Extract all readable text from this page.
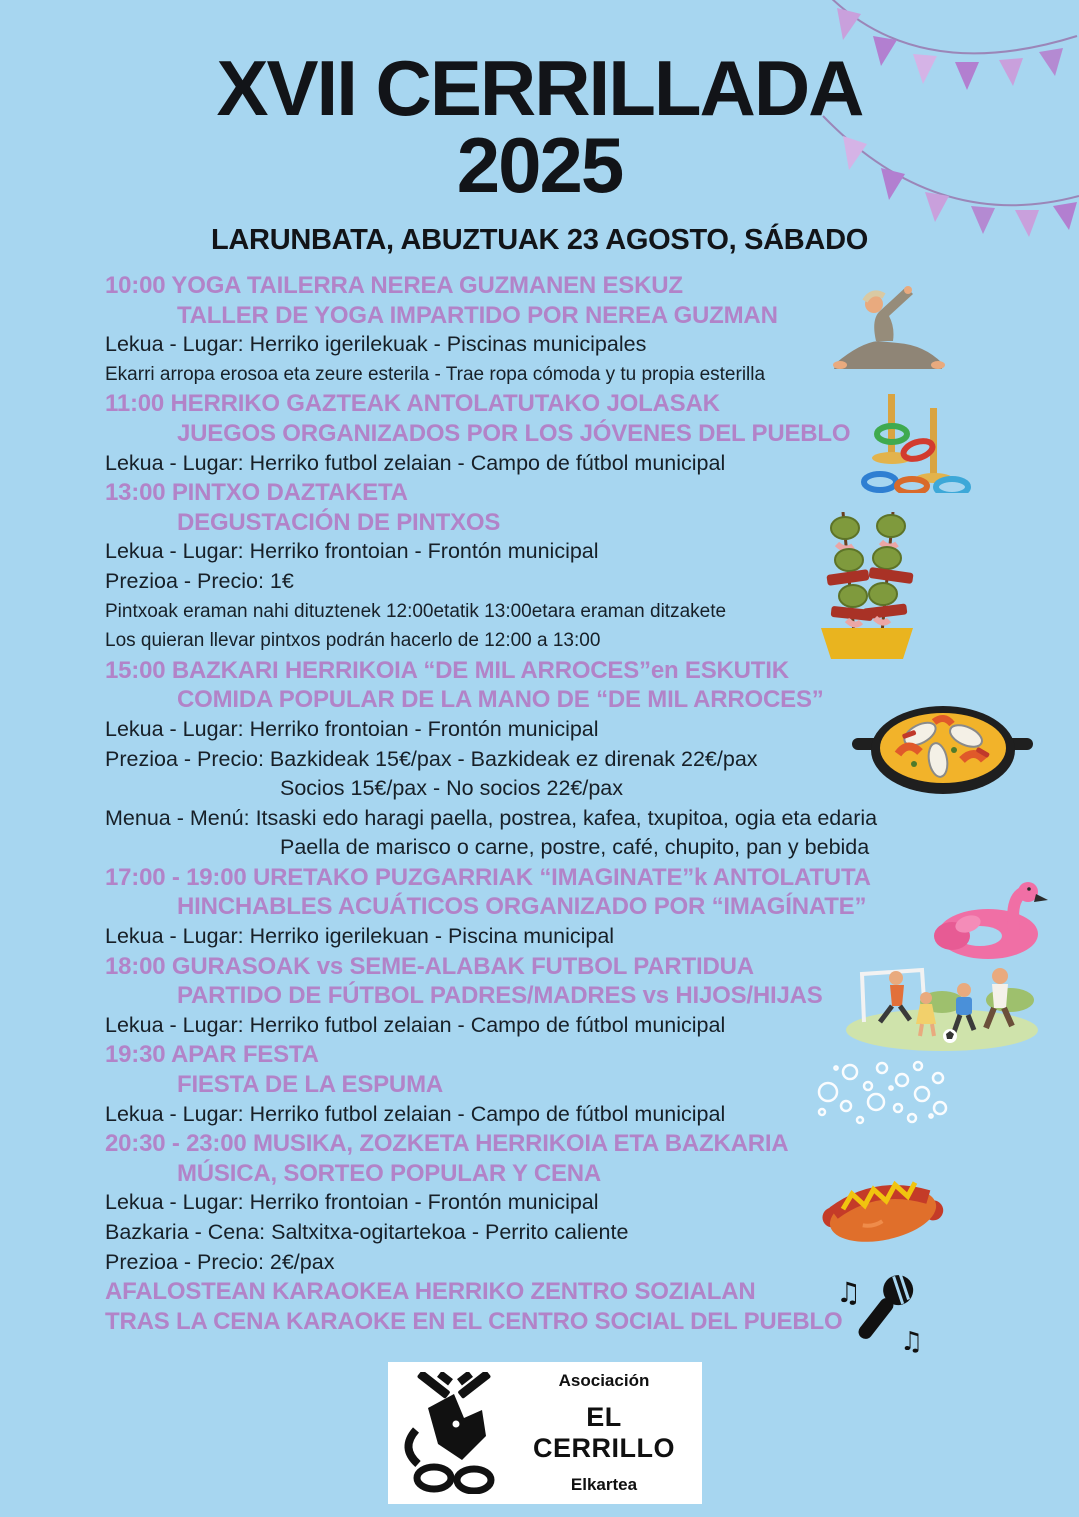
XVII CERRILLADA
2025
LARUNBATA, ABUZTUAK 23 AGOSTO, SÁBADO
10:00 YOGA TAILERRA NEREA GUZMANEN ESKUZ
TALLER DE YOGA IMPARTIDO POR NEREA GUZMAN
Lekua - Lugar: Herriko igerilekuak - Piscinas municipales
Ekarri arropa erosoa eta zeure esterila - Trae ropa cómoda y tu propia esterilla
11:00 HERRIKO GAZTEAK ANTOLATUTAKO JOLASAK
JUEGOS ORGANIZADOS POR LOS JÓVENES DEL PUEBLO
Lekua - Lugar: Herriko futbol zelaian - Campo de fútbol municipal
13:00 PINTXO DAZTAKETA
DEGUSTACIÓN DE PINTXOS
Lekua - Lugar: Herriko frontoian - Frontón municipal
Prezioa - Precio: 1€
Pintxoak eraman nahi dituztenek 12:00etatik 13:00etara eraman ditzakete
Los quieran llevar pintxos podrán hacerlo de 12:00 a 13:00
15:00 BAZKARI HERRIKOIA “DE MIL ARROCES”en ESKUTIK
COMIDA POPULAR DE LA MANO DE “DE MIL ARROCES”
Lekua - Lugar: Herriko frontoian - Frontón municipal
Prezioa - Precio: Bazkideak 15€/pax - Bazkideak ez direnak 22€/pax
Socios 15€/pax - No socios 22€/pax
Menua - Menú: Itsaski edo haragi paella, postrea, kafea, txupitoa, ogia eta edaria
Paella de marisco o carne, postre, café, chupito, pan y bebida
17:00 - 19:00 URETAKO PUZGARRIAK “IMAGINATE”k ANTOLATUTA
HINCHABLES ACUÁTICOS ORGANIZADO POR “IMAGÍNATE”
Lekua - Lugar: Herriko igerilekuan - Piscina municipal
18:00 GURASOAK vs SEME-ALABAK FUTBOL PARTIDUA
PARTIDO DE FÚTBOL PADRES/MADRES vs HIJOS/HIJAS
Lekua - Lugar: Herriko futbol zelaian - Campo de fútbol municipal
19:30 APAR FESTA
FIESTA DE LA ESPUMA
Lekua - Lugar: Herriko futbol zelaian - Campo de fútbol municipal
20:30 - 23:00 MUSIKA, ZOZKETA HERRIKOIA ETA BAZKARIA
MÚSICA, SORTEO POPULAR Y CENA
Lekua - Lugar: Herriko frontoian - Frontón municipal
Bazkaria - Cena: Saltxitxa-ogitartekoa - Perrito caliente
Prezioa - Precio: 2€/pax
AFALOSTEAN KARAOKEA HERRIKO ZENTRO SOZIALAN
TRAS LA CENA KARAOKE EN EL CENTRO SOCIAL DEL PUEBLO
♫
♫
Asociación
EL CERRILLO
Elkartea
